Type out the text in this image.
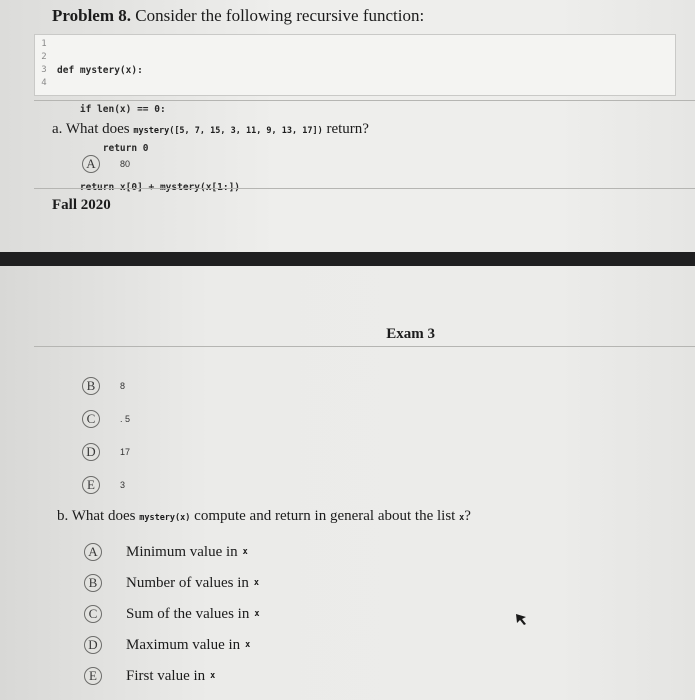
Problem 8. Consider the following recursive function:
1
2
3
4

def mystery(x):

if len(x) == 0:

return 0

a. What does mystery([5, 7, 15, 3, 11, 9, 13, 17]) return?
A	80
Fall 2020
Exam 3
B	8
C	. 5
D	17
E	3
b. What does mystery(x) compute and return in general about the list x?
A Minimum value in x
B	Number of values in x
C	Sum of the values in x
D Maximum value in x
E	First value in x
